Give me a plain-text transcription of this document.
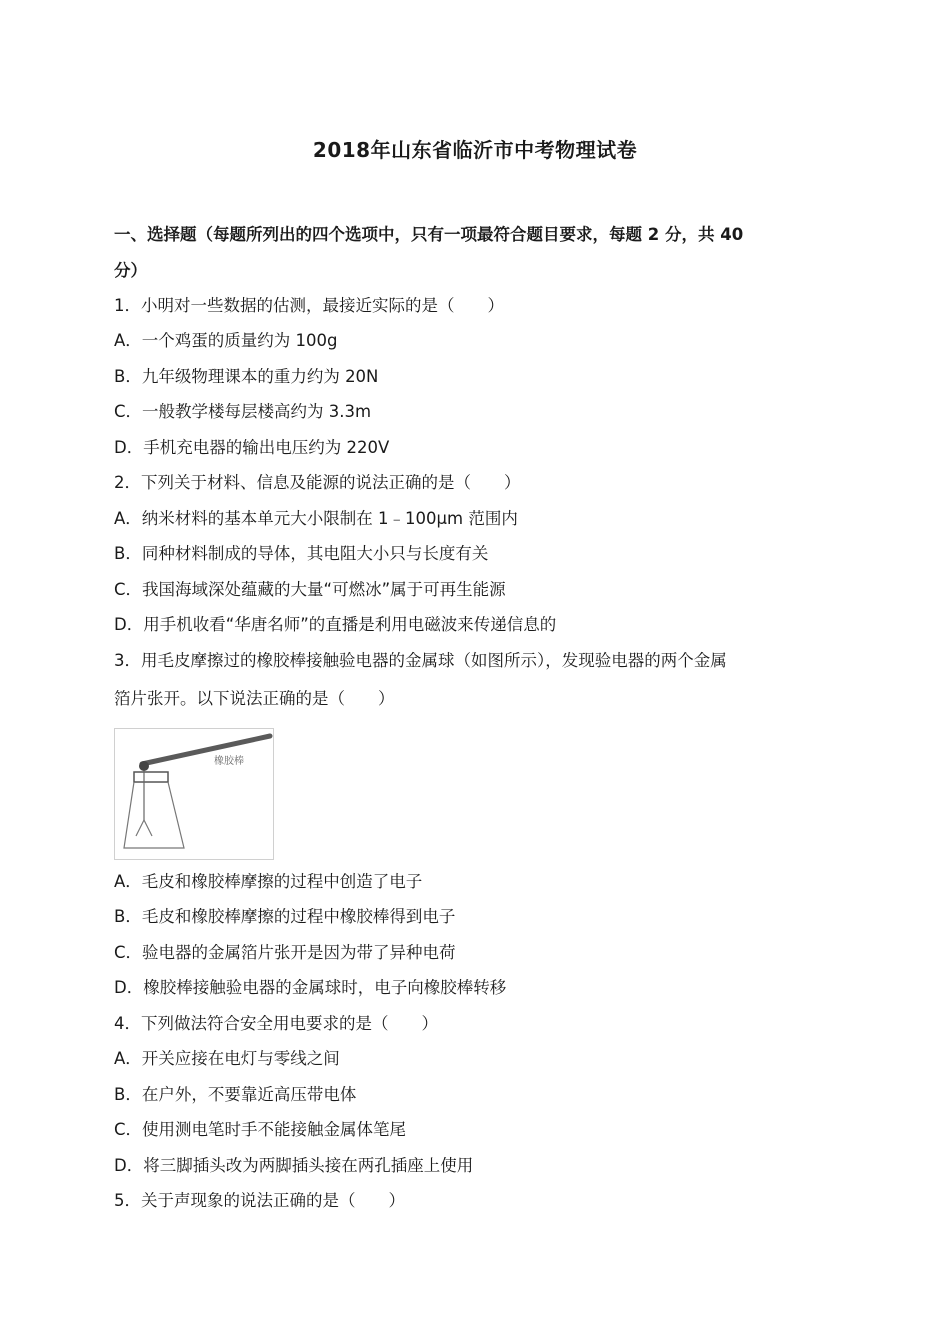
2018年山东省临沂市中考物理试卷
一、选择题（每题所列出的四个选项中，只有一项最符合题目要求，每题 2 分，共 40
分）
1．小明对一些数据的估测，最接近实际的是（　　）
A．一个鸡蛋的质量约为 100g
B．九年级物理课本的重力约为 20N
C．一般教学楼每层楼高约为 3.3m
D．手机充电器的输出电压约为 220V
2．下列关于材料、信息及能源的说法正确的是（　　）
A．纳米材料的基本单元大小限制在 1﹣100μm 范围内
B．同种材料制成的导体，其电阻大小只与长度有关
C．我国海域深处蕴藏的大量“可燃冰”属于可再生能源
D．用手机收看“华唐名师”的直播是利用电磁波来传递信息的
3．用毛皮摩擦过的橡胶棒接触验电器的金属球（如图所示），发现验电器的两个金属
箔片张开。以下说法正确的是（　　）
橡胶棒
A．毛皮和橡胶棒摩擦的过程中创造了电子
B．毛皮和橡胶棒摩擦的过程中橡胶棒得到电子
C．验电器的金属箔片张开是因为带了异种电荷
D．橡胶棒接触验电器的金属球时，电子向橡胶棒转移
4．下列做法符合安全用电要求的是（　　）
A．开关应接在电灯与零线之间
B．在户外，不要靠近高压带电体
C．使用测电笔时手不能接触金属体笔尾
D．将三脚插头改为两脚插头接在两孔插座上使用
5．关于声现象的说法正确的是（　　）
